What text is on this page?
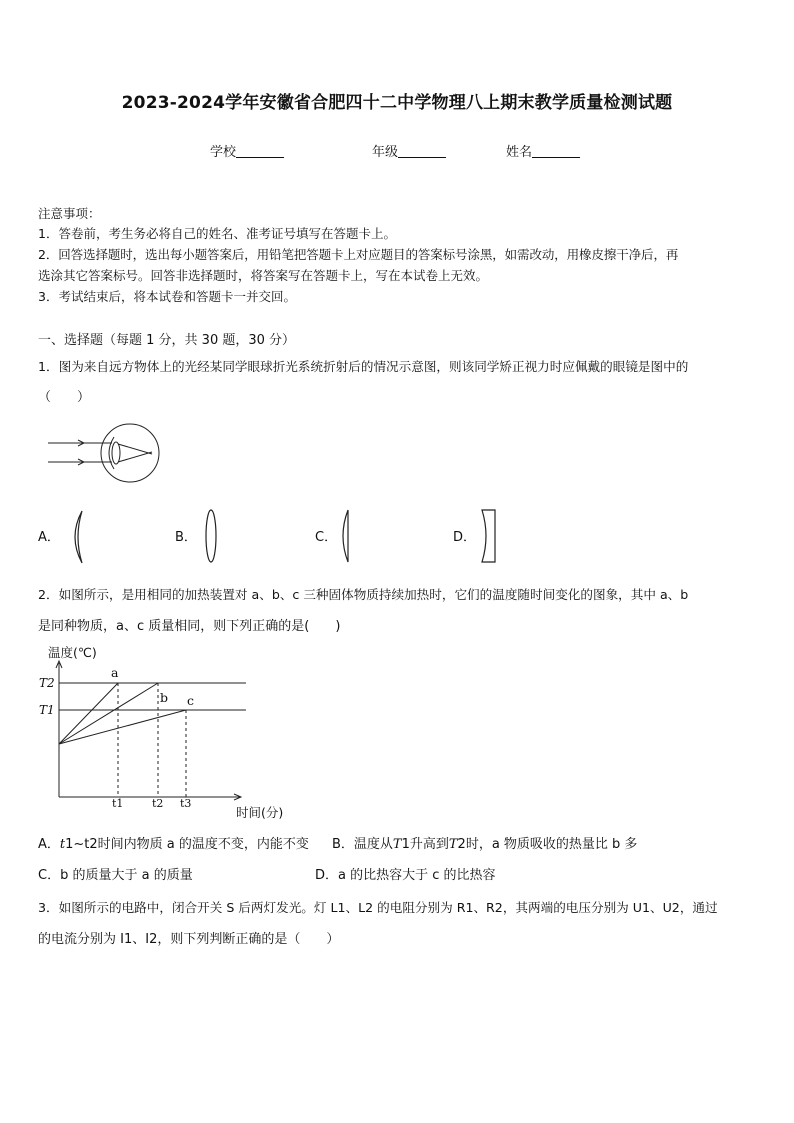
2023-2024学年安徽省合肥四十二中学物理八上期末教学质量检测试题
学校	年级	姓名
注意事项：
1．答卷前，考生务必将自己的姓名、准考证号填写在答题卡上。
2．回答选择题时，选出每小题答案后，用铅笔把答题卡上对应题目的答案标号涂黑，如需改动，用橡皮擦干净后，再
选涂其它答案标号。回答非选择题时，将答案写在答题卡上，写在本试卷上无效。
3．考试结束后，将本试卷和答题卡一并交回。
一、选择题（每题 1 分，共 30 题，30 分）
1．图为来自远方物体上的光经某同学眼球折光系统折射后的情况示意图，则该同学矫正视力时应佩戴的眼镜是图中的
（　　）
A．	B．	C．	D．
2．如图所示，是用相同的加热装置对 a、b、c 三种固体物质持续加热时，它们的温度随时间变化的图象，其中 a、b
是同种物质，a、c 质量相同，则下列正确的是(　　)
温度(℃)
时间(分)
T2
T1
a
b c
t1	t2 t3
A．t1~t2时间内物质 a 的温度不变，内能不变 B．温度从T1升高到T2时，a 物质吸收的热量比 b 多
C．b 的质量大于 a 的质量	D．a 的比热容大于 c 的比热容
3．如图所示的电路中，闭合开关 S 后两灯发光。灯 L1、L2 的电阻分别为 R1、R2，其两端的电压分别为 U1、U2，通过
的电流分别为 I1、I2，则下列判断正确的是（　　）
